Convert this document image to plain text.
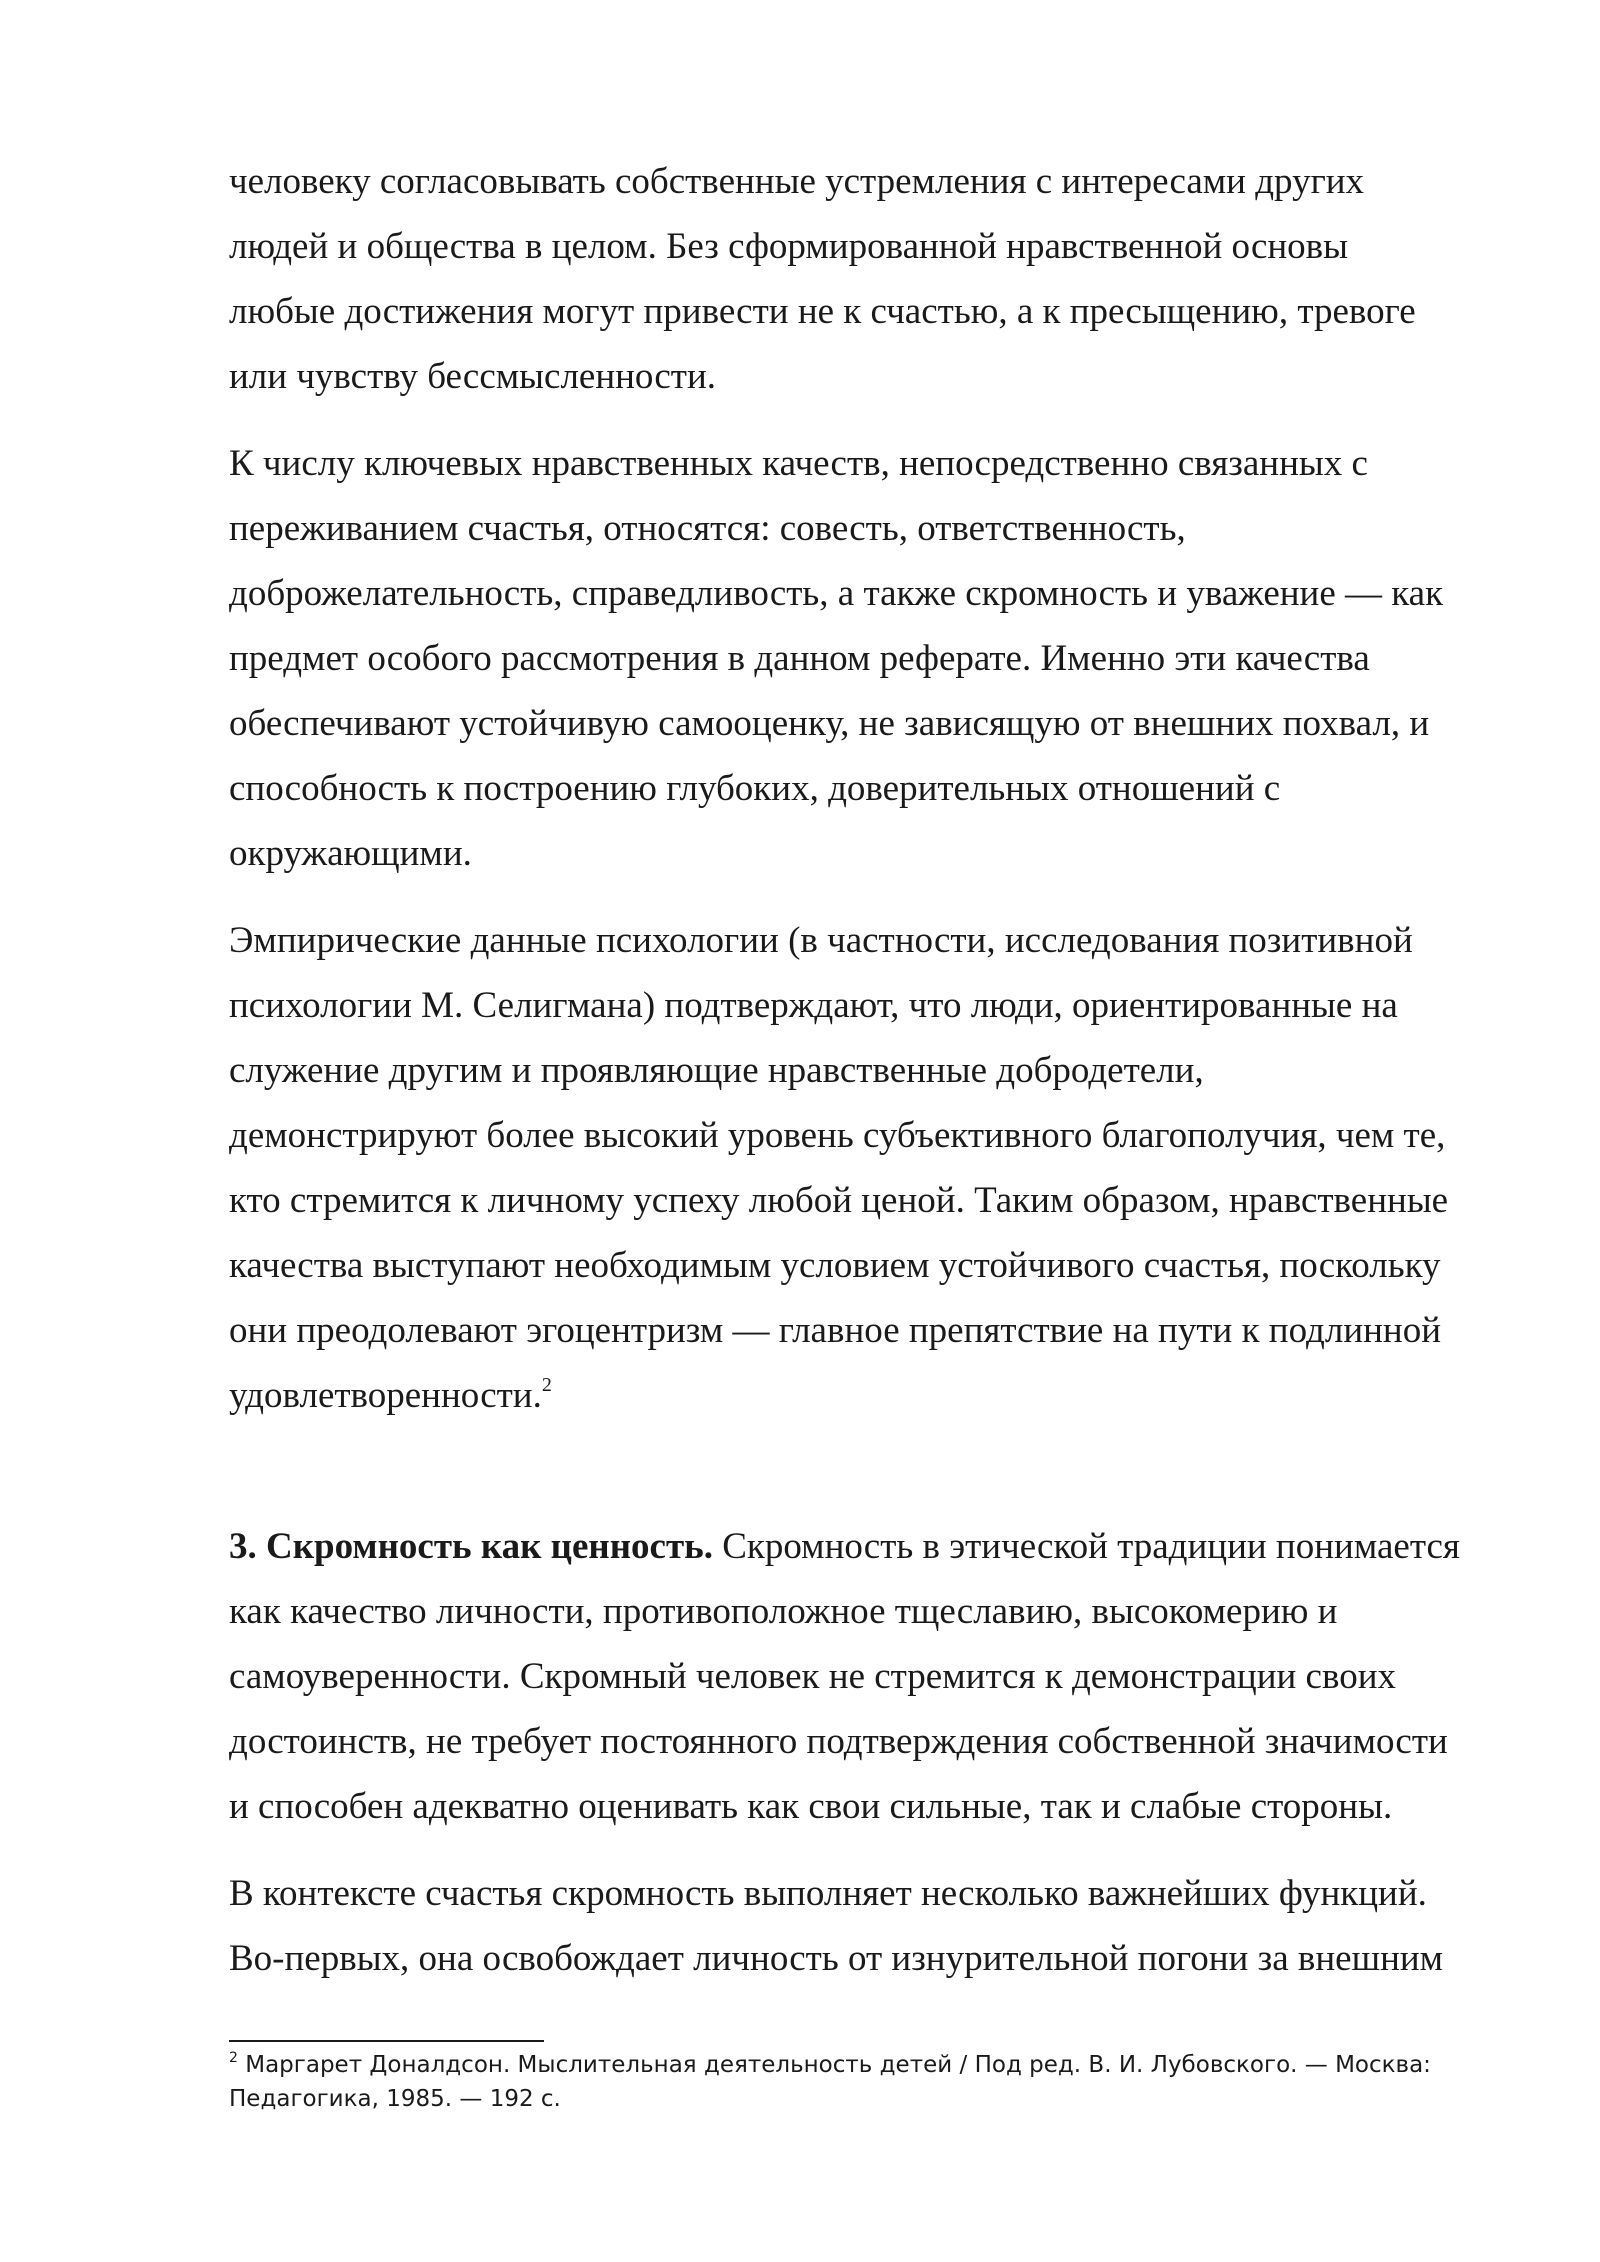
человеку согласовывать собственные устремления с интересами других
людей и общества в целом. Без сформированной нравственной основы
любые достижения могут привести не к счастью, а к пресыщению, тревоге
или чувству бессмысленности.

К числу ключевых нравственных качеств, непосредственно связанных с
переживанием счастья, относятся: совесть, ответственность,
доброжелательность, справедливость, а также скромность и уважение — как
предмет особого рассмотрения в данном реферате. Именно эти качества
обеспечивают устойчивую самооценку, не зависящую от внешних похвал, и
способность к построению глубоких, доверительных отношений с
окружающими.

Эмпирические данные психологии (в частности, исследования позитивной
психологии М. Селигмана) подтверждают, что люди, ориентированные на
служение другим и проявляющие нравственные добродетели,
демонстрируют более высокий уровень субъективного благополучия, чем те,
кто стремится к личному успеху любой ценой. Таким образом, нравственные
качества выступают необходимым условием устойчивого счастья, поскольку
они преодолевают эгоцентризм — главное препятствие на пути к подлинной
удовлетворенности.$^2$

3. Скромность как ценность. Скромность в этической традиции понимается
как качество личности, противоположное тщеславию, высокомерию и
самоуверенности. Скромный человек не стремится к демонстрации своих
достоинств, не требует постоянного подтверждения собственной значимости
и способен адекватно оценивать как свои сильные, так и слабые стороны.

В контексте счастья скромность выполняет несколько важнейших функций.
Во-первых, она освобождает личность от изнурительной погони за внешним

$^2$ Маргарет Доналдсон. Мыслительная деятельность детей / Под ред. В. И. Лубовского. — Москва:
Педагогика, 1985. — 192 с.
